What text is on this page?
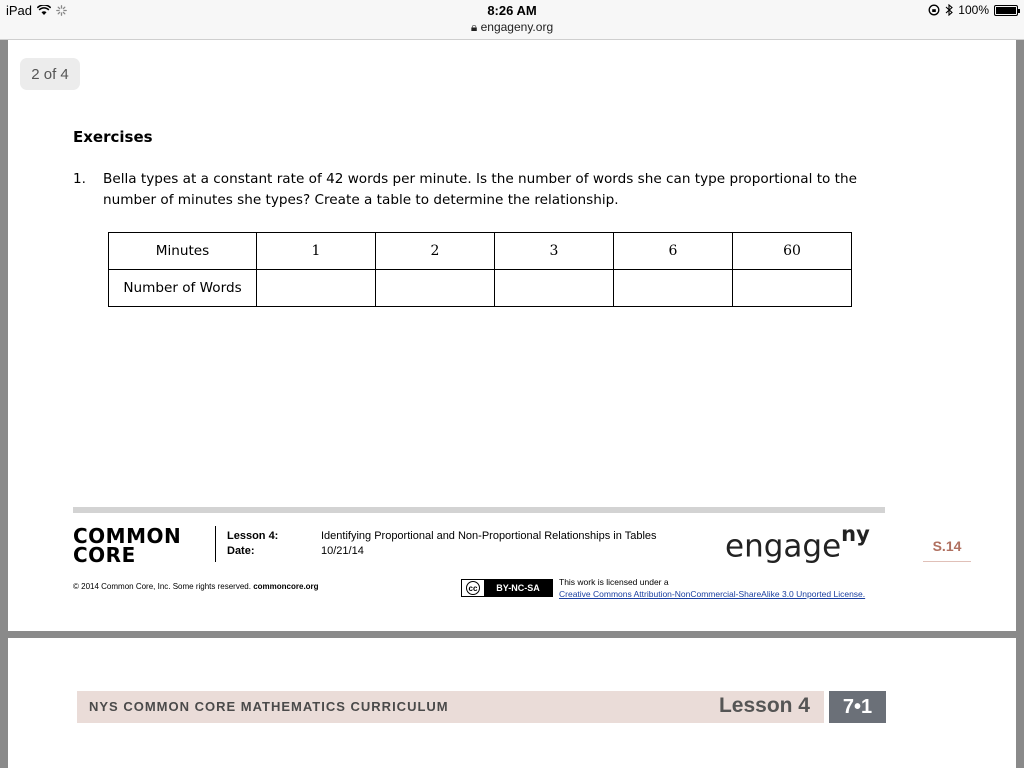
iPad	8:26 AM
🔒︎ engageny.org
100%
2 of 4
Exercises
1. Bella types at a constant rate of 42 words per minute. Is the number of words she can type proportional to the number of minutes she types? Create a table to determine the relationship.
Minutes	1	2	3	6	60
Number of Words					
COMMON
CORE
Lesson 4:
Date:
Identifying Proportional and Non-Proportional Relationships in Tables
10/21/14	engage$^{ny}$	S.14
© 2014 Common Core, Inc. Some rights reserved. commoncore.org	cc	BY-NC-SA
This work is licensed under a
Creative Commons Attribution-NonCommercial-ShareAlike 3.0 Unported License.
NYS COMMON CORE MATHEMATICS CURRICULUM	Lesson 4	7•1
